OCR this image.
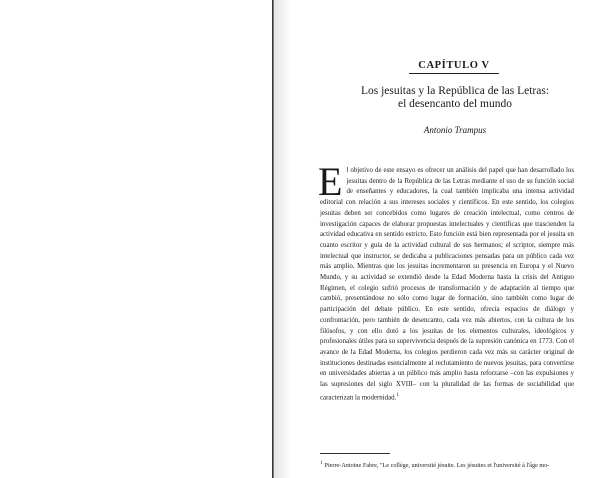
CAPÍTULO V
Los jesuitas y la República de las Letras:
el desencanto del mundo
Antonio Trampus
El objetivo de este ensayo es ofrecer un análisis del papel que han desarrollado los jesuitas dentro de la República de las Letras mediante el uso de su función social de enseñantes y educadores, la cual también implicaba una intensa actividad editorial con relación a sus intereses sociales y científicos. En este sentido, los colegios jesuitas deben ser concebidos como lugares de creación intelectual, como centros de investigación capaces de elaborar propuestas intelectuales y científicas que trascienden la actividad educativa en sentido estricto. Esto función está bien representada por el jesuita en cuanto escritor y guía de la actividad cultural de sus hermanos; el scriptor, siempre más intelectual que instructor, se dedicaba a publicaciones pensadas para un público cada vez más amplio. Mientras que los jesuitas incrementaron su presencia en Europa y el Nuevo Mundo, y su actividad se extendió desde la Edad Moderna hasta la crisis del Antiguo Régimen, el colegio sufrió procesos de transformación y de adaptación al tiempo que cambió, presentándose no sólo como lugar de formación, sino también como lugar de participación del debate público. En este sentido, ofrecía espacios de diálogo y confrontación, pero también de desencanto, cada vez más abiertos, con la cultura de los filósofos, y con ello dotó a los jesuitas de los elementos culturales, ideológicos y profesionales útiles para su supervivencia después de la supresión canónica en 1773. Con el avance de la Edad Moderna, los colegios perdieron cada vez más su carácter original de instituciones destinadas esencialmente al reclutamiento de nuevos jesuitas, para convertirse en universidades abiertas a un público más amplio hasta reforzarse –con las expulsiones y las supresiones del siglo XVIII– con la pluralidad de las formas de sociabilidad que caracterizan la modernidad.$^1$
$^1$ Pierre-Antoine Fabre, "Le collège, université jésuite. Les jésuites et l'université à l'âge mo-
